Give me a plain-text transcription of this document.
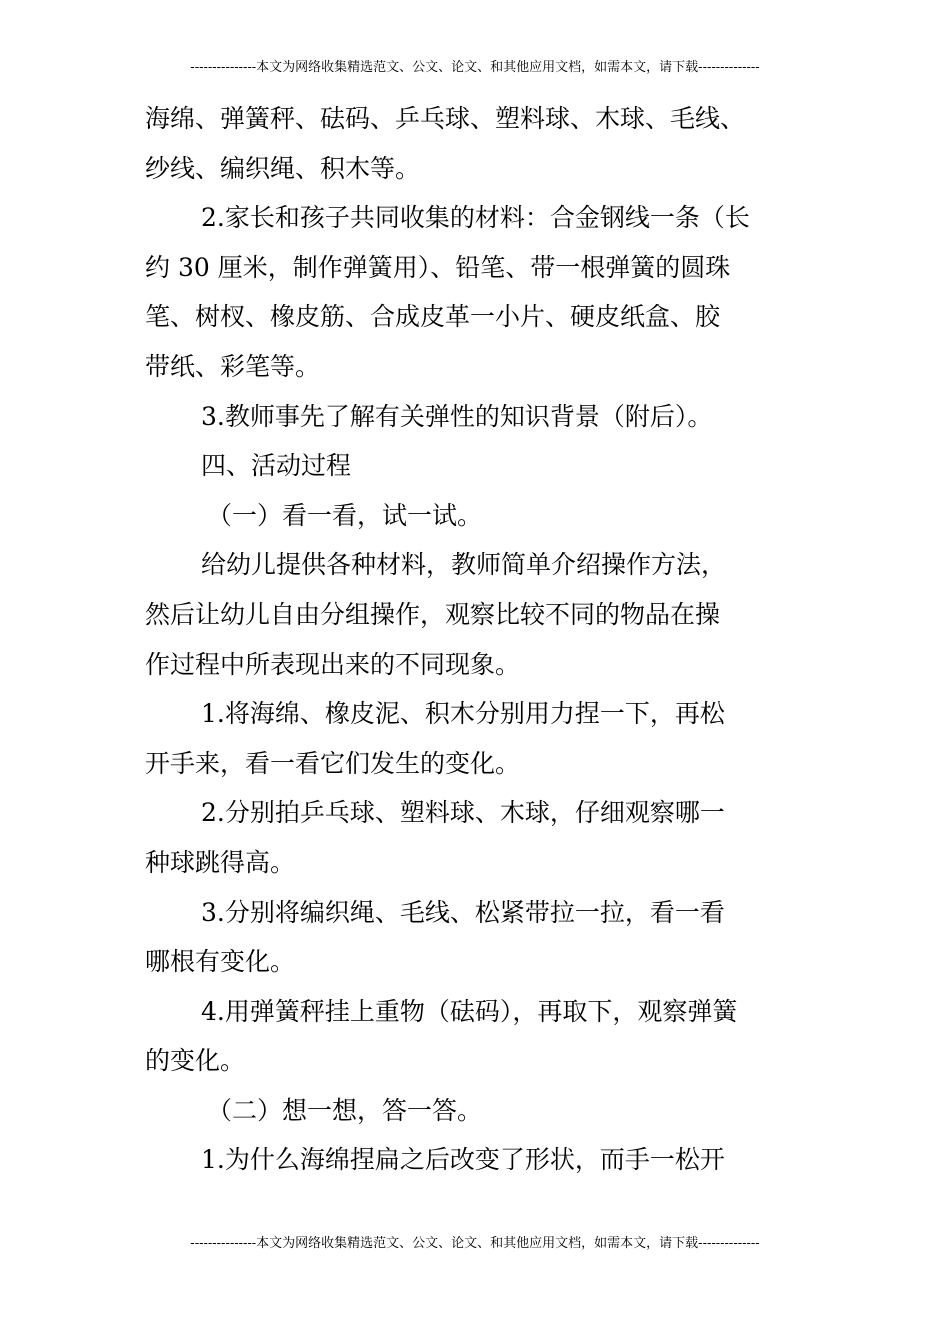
---------------本文为网络收集精选范文、公文、论文、和其他应用文档，如需本文，请下载--------------
海绵、弹簧秤、砝码、乒乓球、塑料球、木球、毛线、
纱线、编织绳、积木等。
2.家长和孩子共同收集的材料：合金钢线一条（长
约 30 厘米，制作弹簧用）、铅笔、带一根弹簧的圆珠
笔、树杈、橡皮筋、合成皮革一小片、硬皮纸盒、胶
带纸、彩笔等。
3.教师事先了解有关弹性的知识背景（附后）。
四、活动过程
（一）看一看，试一试。
给幼儿提供各种材料，教师简单介绍操作方法，
然后让幼儿自由分组操作，观察比较不同的物品在操
作过程中所表现出来的不同现象。
1.将海绵、橡皮泥、积木分别用力捏一下，再松
开手来，看一看它们发生的变化。
2.分别拍乒乓球、塑料球、木球，仔细观察哪一
种球跳得高。
3.分别将编织绳、毛线、松紧带拉一拉，看一看
哪根有变化。
4.用弹簧秤挂上重物（砝码），再取下，观察弹簧
的变化。
（二）想一想，答一答。
1.为什么海绵捏扁之后改变了形状，而手一松开
---------------本文为网络收集精选范文、公文、论文、和其他应用文档，如需本文，请下载--------------
